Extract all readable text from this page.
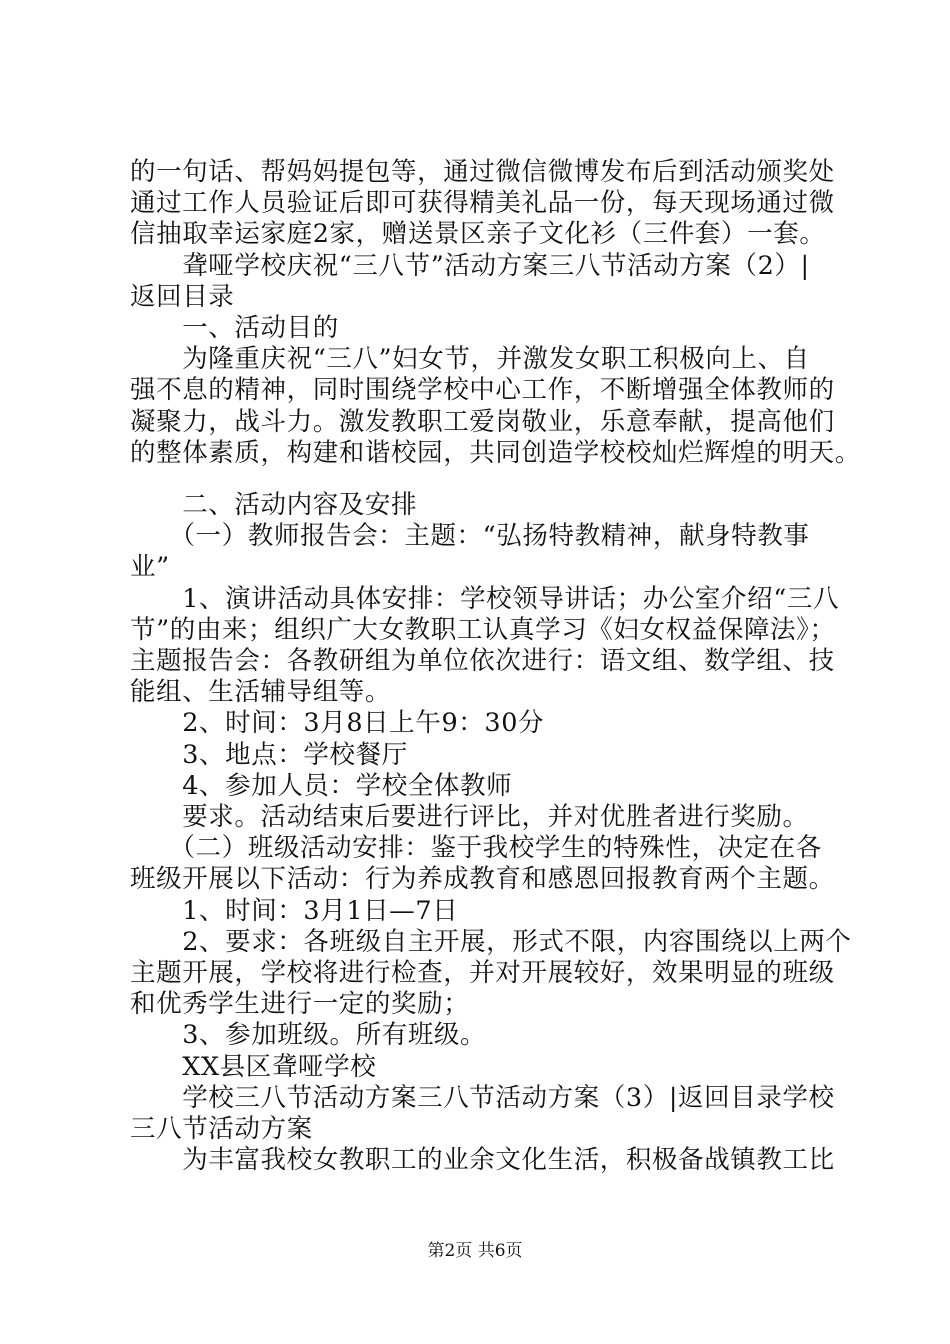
的一句话、帮妈妈提包等，通过微信微博发布后到活动颁奖处
通过工作人员验证后即可获得精美礼品一份，每天现场通过微
信抽取幸运家庭2家，赠送景区亲子文化衫（三件套）一套。
　　聋哑学校庆祝“三八节”活动方案三八节活动方案（2）|
返回目录
　　一、活动目的
　　为隆重庆祝“三八”妇女节，并激发女职工积极向上、自
强不息的精神，同时围绕学校中心工作，不断增强全体教师的
凝聚力，战斗力。激发教职工爱岗敬业，乐意奉献，提高他们
的整体素质，构建和谐校园，共同创造学校校灿烂辉煌的明天。
　　二、活动内容及安排
　　（一）教师报告会：主题：“弘扬特教精神，献身特教事
业”
　　1、演讲活动具体安排：学校领导讲话；办公室介绍“三八
节”的由来；组织广大女教职工认真学习《妇女权益保障法》；
主题报告会：各教研组为单位依次进行：语文组、数学组、技
能组、生活辅导组等。
　　2、时间：3月8日上午9：30分
　　3、地点：学校餐厅
　　4、参加人员：学校全体教师
　　要求。活动结束后要进行评比，并对优胜者进行奖励。
　　（二）班级活动安排：鉴于我校学生的特殊性，决定在各
班级开展以下活动：行为养成教育和感恩回报教育两个主题。
　　1、时间：3月1日—7日
　　2、要求：各班级自主开展，形式不限，内容围绕以上两个
主题开展，学校将进行检查，并对开展较好，效果明显的班级
和优秀学生进行一定的奖励；
　　3、参加班级。所有班级。
　　XX县区聋哑学校
　　学校三八节活动方案三八节活动方案（3）|返回目录学校
三八节活动方案
　　为丰富我校女教职工的业余文化生活，积极备战镇教工比
第2页 共6页
